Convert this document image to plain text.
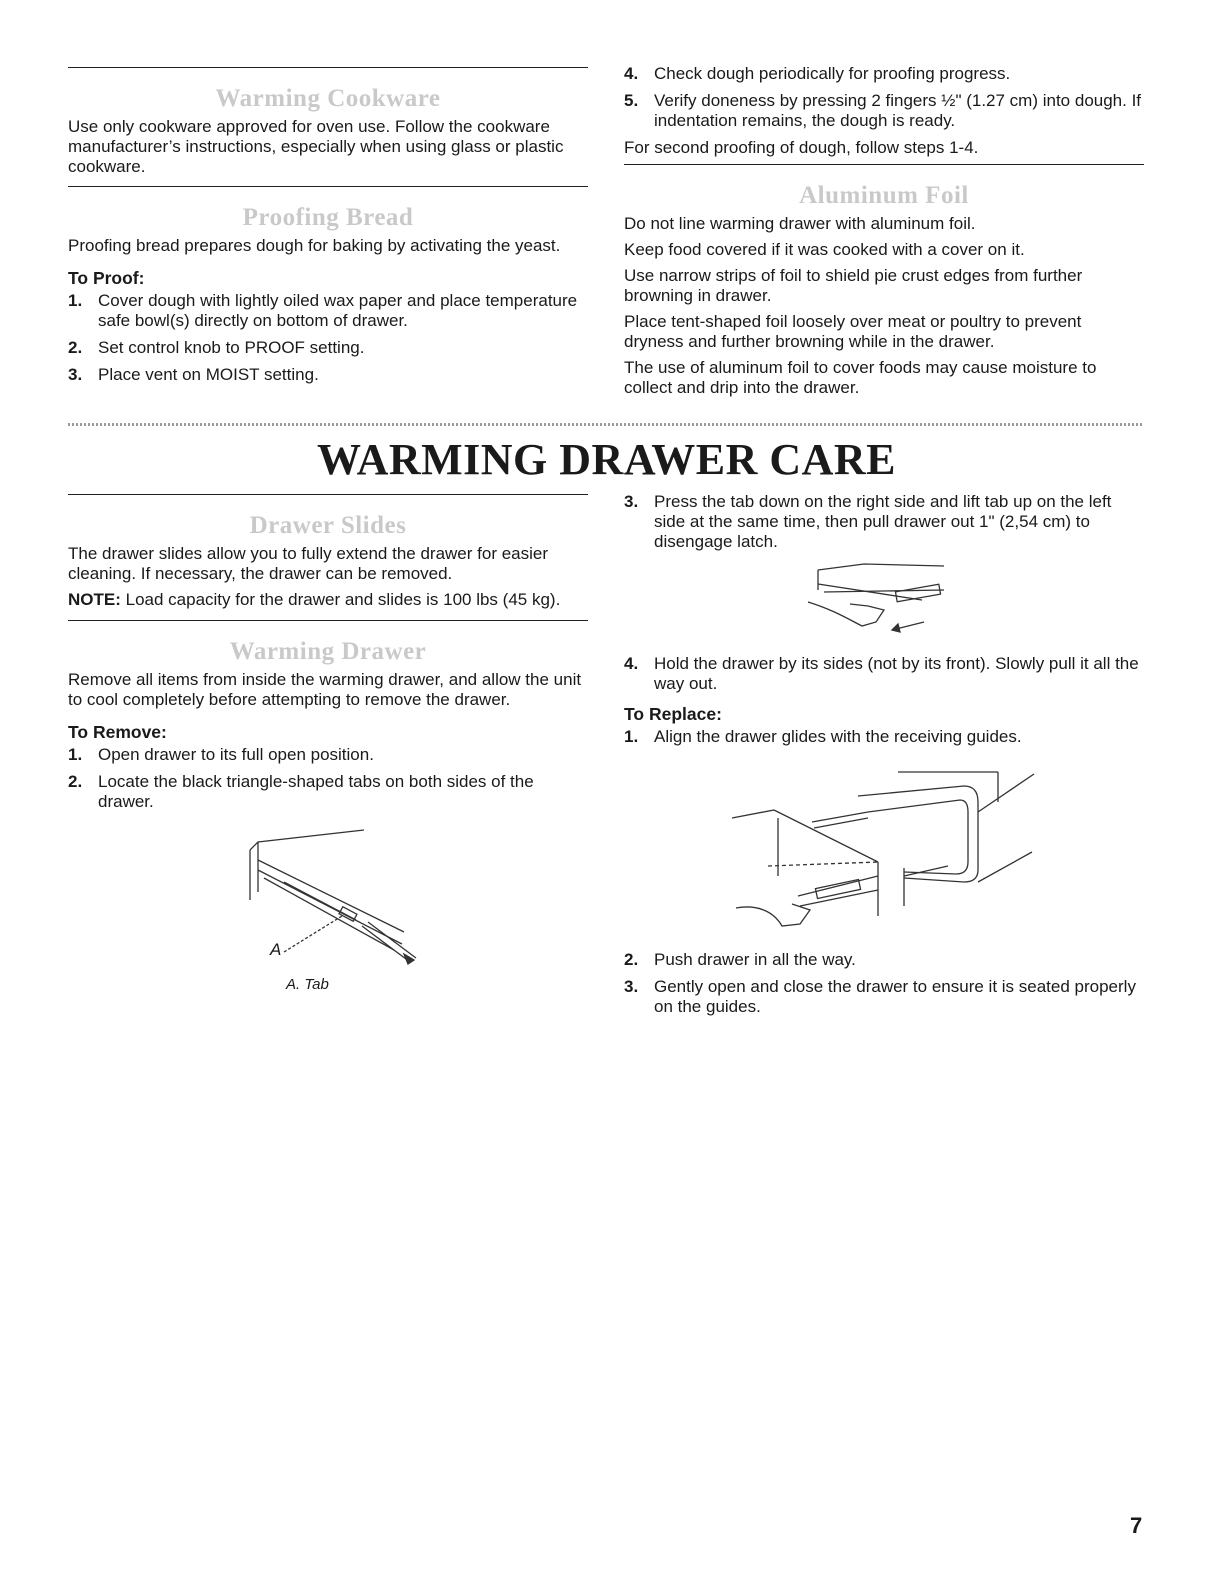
Warming Cookware

Use only cookware approved for oven use. Follow the cookware manufacturer’s instructions, especially when using glass or plastic cookware.

Proofing Bread

Proofing bread prepares dough for baking by activating the yeast.

To Proof:
1. Cover dough with lightly oiled wax paper and place temperature safe bowl(s) directly on bottom of drawer.
2. Set control knob to PROOF setting.
3. Place vent on MOIST setting.
4. Check dough periodically for proofing progress.
5. Verify doneness by pressing 2 fingers ½" (1.27 cm) into dough. If indentation remains, the dough is ready.

For second proofing of dough, follow steps 1-4.

Aluminum Foil

Do not line warming drawer with aluminum foil.

Keep food covered if it was cooked with a cover on it.

Use narrow strips of foil to shield pie crust edges from further browning in drawer.

Place tent-shaped foil loosely over meat or poultry to prevent dryness and further browning while in the drawer.

The use of aluminum foil to cover foods may cause moisture to collect and drip into the drawer.

WARMING DRAWER CARE
Drawer Slides

The drawer slides allow you to fully extend the drawer for easier cleaning. If necessary, the drawer can be removed.

NOTE: Load capacity for the drawer and slides is 100 lbs (45 kg).

Warming Drawer

Remove all items from inside the warming drawer, and allow the unit to cool completely before attempting to remove the drawer.

To Remove:
1. Open drawer to its full open position.
2. Locate the black triangle-shaped tabs on both sides of the drawer.
A
A. Tab
3. Press the tab down on the right side and lift tab up on the left side at the same time, then pull drawer out 1" (2,54 cm) to disengage latch.
4. Hold the drawer by its sides (not by its front). Slowly pull it all the way out.
To Replace:
1. Align the drawer glides with the receiving guides.
2. Push drawer in all the way.
3. Gently open and close the drawer to ensure it is seated properly on the guides.
7
